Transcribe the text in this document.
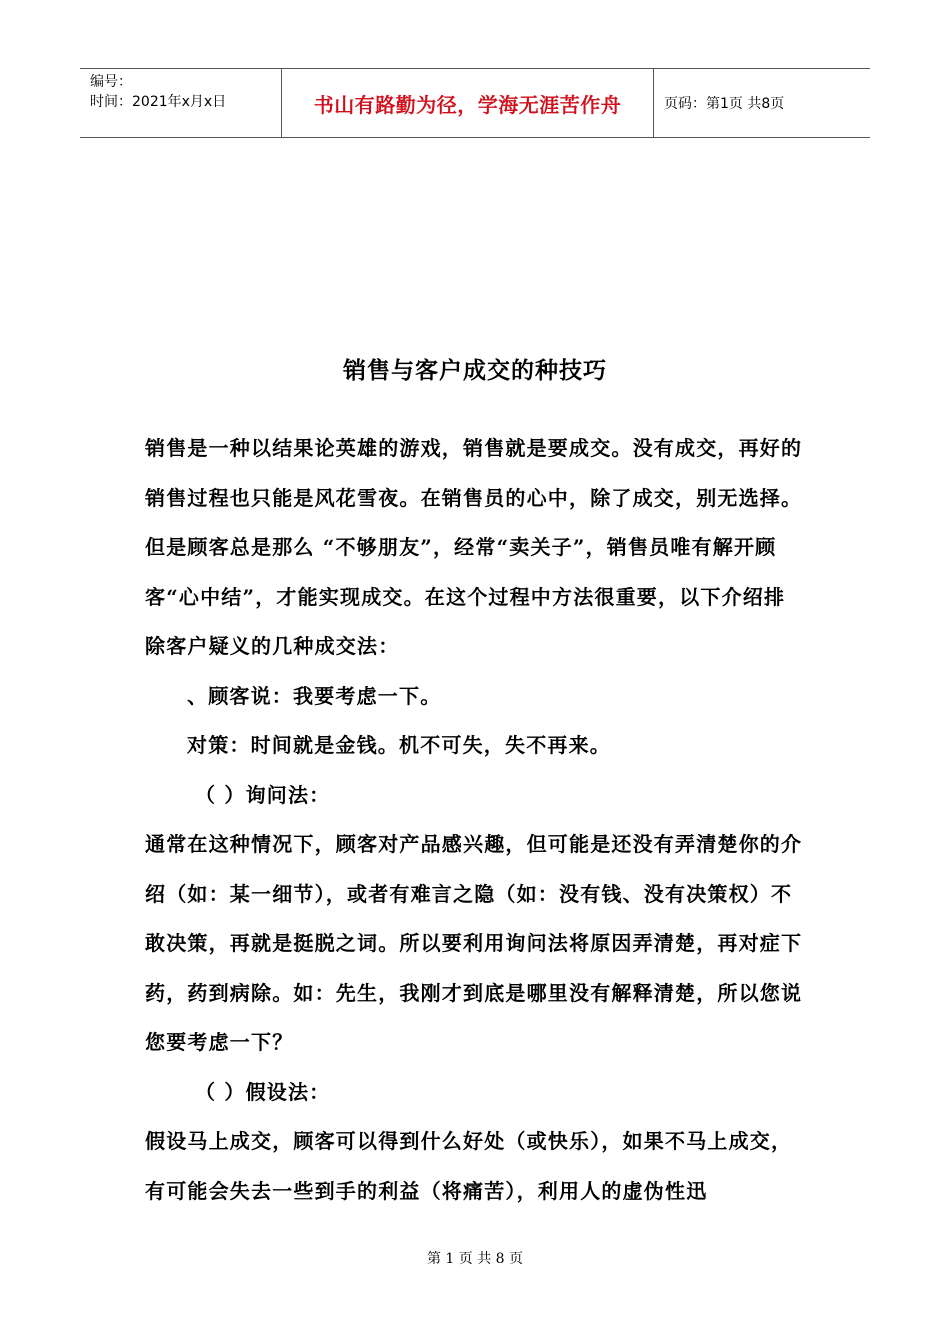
编号：
时间：2021年x月x日	书山有路勤为径，学海无涯苦作舟	页码：第1页 共8页
销售与客户成交的种技巧

销售是一种以结果论英雄的游戏，销售就是要成交。没有成交，再好的销售过程也只能是风花雪夜。在销售员的心中，除了成交，别无选择。但是顾客总是那么 “不够朋友”，经常“卖关子”，销售员唯有解开顾客“心中结”，才能实现成交。在这个过程中方法很重要，以下介绍排除客户疑义的几种成交法：

、顾客说：我要考虑一下。

对策：时间就是金钱。机不可失，失不再来。

（ ）询问法：

通常在这种情况下，顾客对产品感兴趣，但可能是还没有弄清楚你的介绍（如：某一细节），或者有难言之隐（如：没有钱、没有决策权）不敢决策，再就是挺脱之词。所以要利用询问法将原因弄清楚，再对症下药，药到病除。如：先生，我刚才到底是哪里没有解释清楚，所以您说您要考虑一下？

（ ）假设法：

假设马上成交，顾客可以得到什么好处（或快乐），如果不马上成交，有可能会失去一些到手的利益（将痛苦），利用人的虚伪性迅

第 1 页 共 8 页
